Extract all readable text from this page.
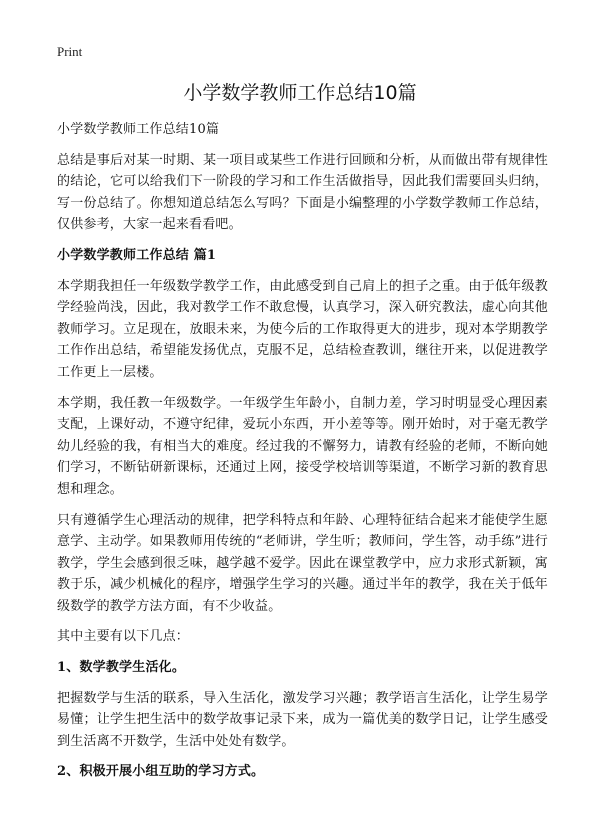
Print
小学数学教师工作总结10篇

小学数学教师工作总结10篇

总结是事后对某一时期、某一项目或某些工作进行回顾和分析，从而做出带有规律性的结论，它可以给我们下一阶段的学习和工作生活做指导，因此我们需要回头归纳，写一份总结了。你想知道总结怎么写吗？下面是小编整理的小学数学教师工作总结，仅供参考，大家一起来看看吧。

小学数学教师工作总结 篇1

本学期我担任一年级数学教学工作，由此感受到自己肩上的担子之重。由于低年级教学经验尚浅，因此，我对教学工作不敢怠慢，认真学习，深入研究教法，虚心向其他教师学习。立足现在，放眼未来，为使今后的工作取得更大的进步，现对本学期教学工作作出总结，希望能发扬优点，克服不足，总结检查教训，继往开来，以促进教学工作更上一层楼。

本学期，我任教一年级数学。一年级学生年龄小，自制力差，学习时明显受心理因素支配，上课好动，不遵守纪律，爱玩小东西，开小差等等。刚开始时，对于毫无教学幼儿经验的我，有相当大的难度。经过我的不懈努力，请教有经验的老师，不断向她们学习，不断钻研新课标，还通过上网，接受学校培训等渠道，不断学习新的教育思想和理念。

只有遵循学生心理活动的规律，把学科特点和年龄、心理特征结合起来才能使学生愿意学、主动学。如果教师用传统的“老师讲，学生听；教师问，学生答，动手练”进行教学，学生会感到很乏味，越学越不爱学。因此在课堂教学中，应力求形式新颖，寓教于乐，减少机械化的程序，增强学生学习的兴趣。通过半年的教学，我在关于低年级数学的教学方法方面，有不少收益。

其中主要有以下几点：

1、数学教学生活化。

把握数学与生活的联系，导入生活化，激发学习兴趣；教学语言生活化，让学生易学易懂；让学生把生活中的数学故事记录下来，成为一篇优美的数学日记，让学生感受到生活离不开数学，生活中处处有数学。

2、积极开展小组互助的学习方式。
